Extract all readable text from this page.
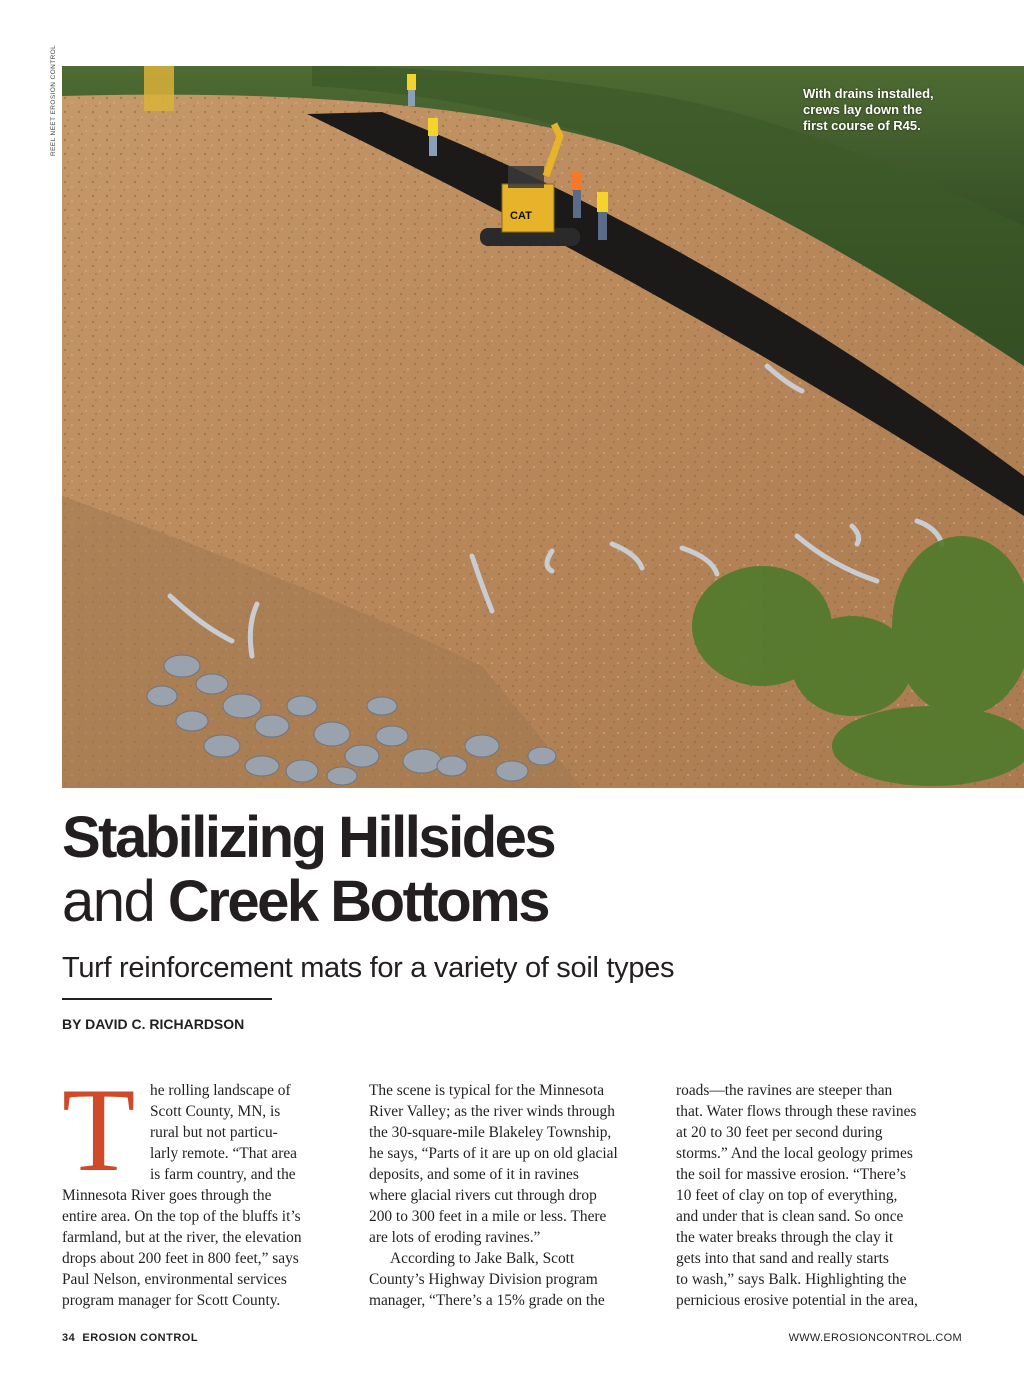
REEL NEET EROSION CONTROL

CAT

With drains installed,
crews lay down the
first course of R45.

Stabilizing Hillsides
and Creek Bottoms
Turf reinforcement mats for a variety of soil types

BY DAVID C. RICHARDSON

T he rolling landscape of
Scott County, MN, is
rural but not particu-
larly remote. “That area
is farm country, and the
Minnesota River goes through the
entire area. On the top of the bluffs it’s
farmland, but at the river, the elevation
drops about 200 feet in 800 feet,” says
Paul Nelson, environmental services
program manager for Scott County.

The scene is typical for the Minnesota
River Valley; as the river winds through
the 30-square-mile Blakeley Township,
he says, “Parts of it are up on old glacial
deposits, and some of it in ravines
where glacial rivers cut through drop
200 to 300 feet in a mile or less. There
are lots of eroding ravines.”
According to Jake Balk, Scott
County’s Highway Division program
manager, “There’s a 15% grade on the

roads—the ravines are steeper than
that. Water flows through these ravines
at 20 to 30 feet per second during
storms.” And the local geology primes
the soil for massive erosion. “There’s
10 feet of clay on top of everything,
and under that is clean sand. So once
the water breaks through the clay it
gets into that sand and really starts
to wash,” says Balk. Highlighting the
pernicious erosive potential in the area,

34 EROSION CONTROL	WWW.EROSIONCONTROL.COM
